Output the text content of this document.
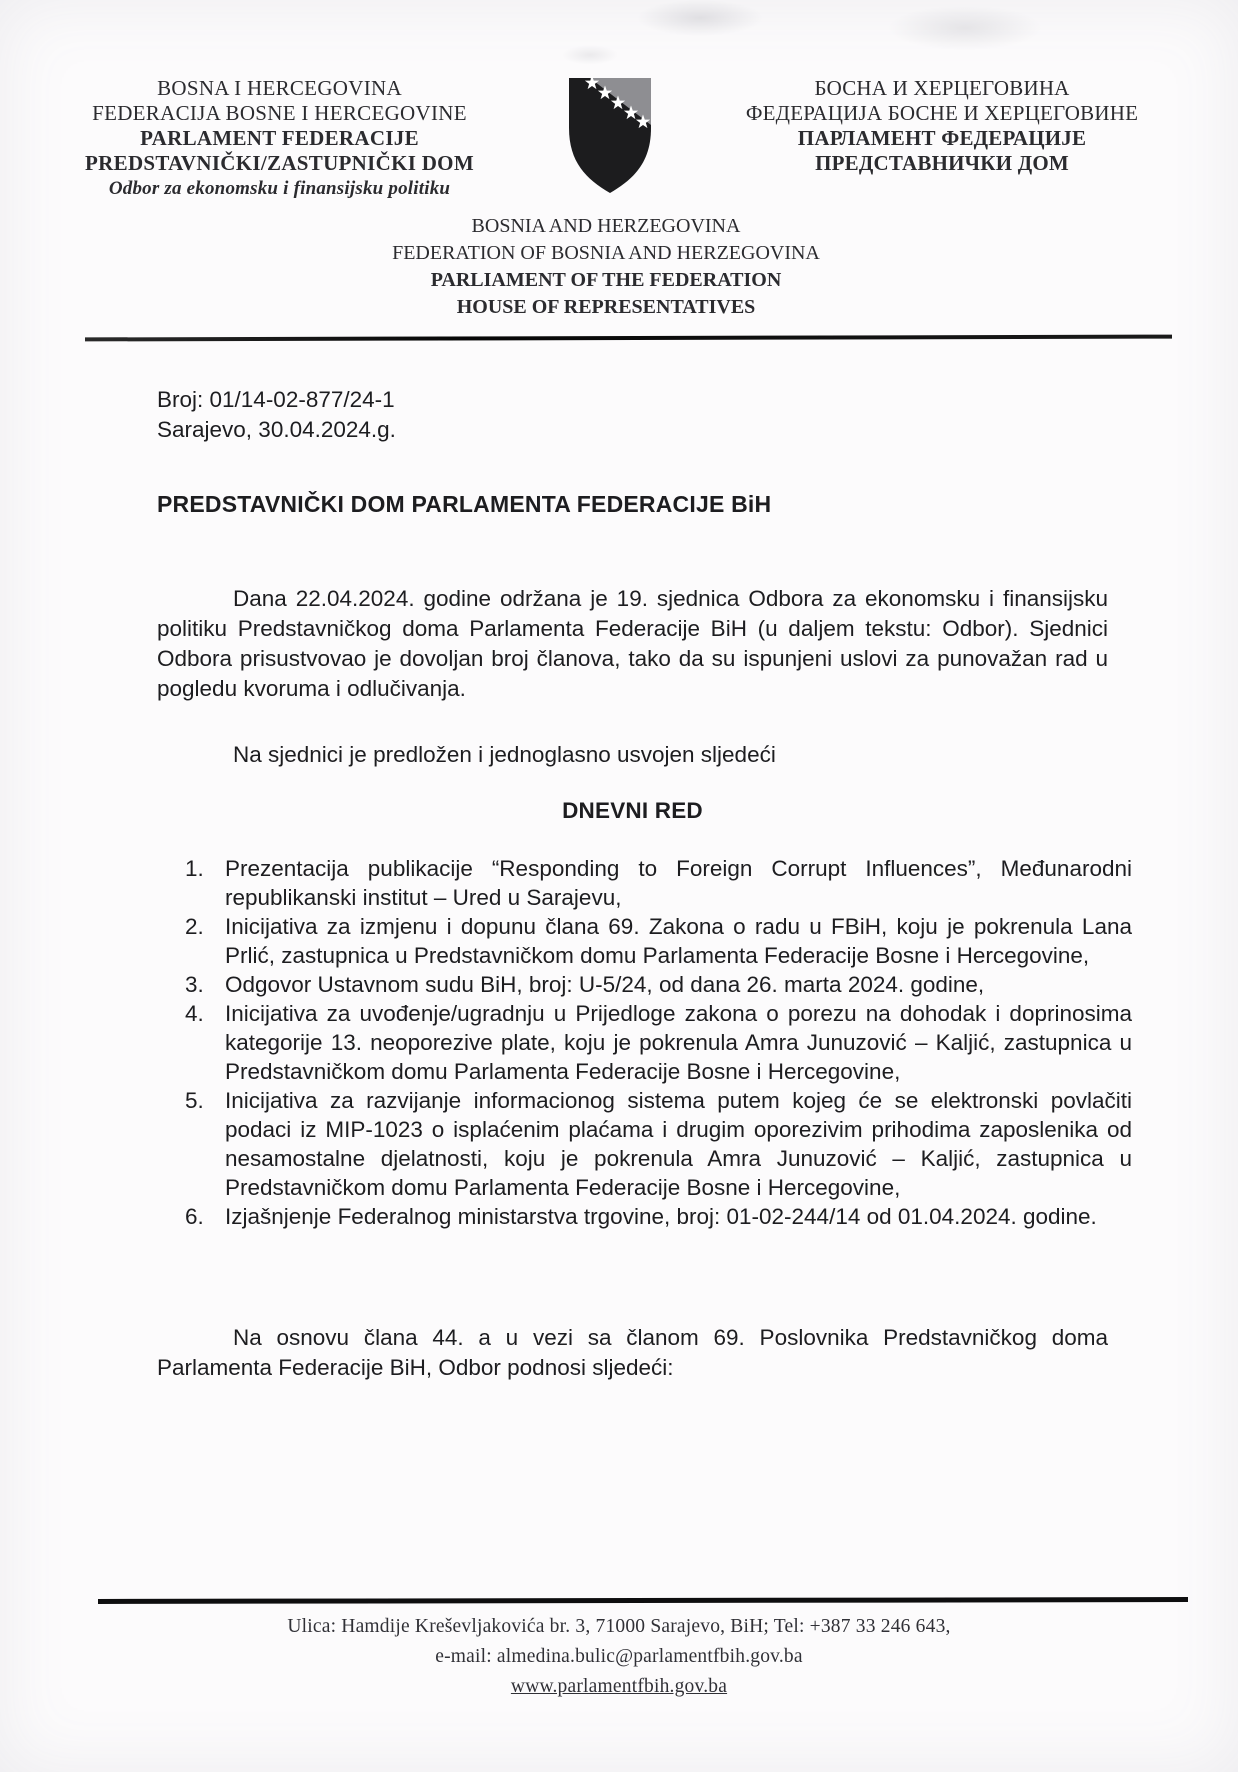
BOSNA I HERCEGOVINA
FEDERACIJA BOSNE I HERCEGOVINE
PARLAMENT FEDERACIJE
PREDSTAVNIČKI/ZASTUPNIČKI DOM
Odbor za ekonomsku i finansijsku politiku
БОСНА И ХЕРЦЕГОВИНА
ФЕДЕРАЦИЈА БОСНЕ И ХЕРЦЕГОВИНЕ
ПАРЛАМЕНТ ФЕДЕРАЦИЈЕ
ПРЕДСТАВНИЧКИ ДОМ
BOSNIA AND HERZEGOVINA
FEDERATION OF BOSNIA AND HERZEGOVINA
PARLIAMENT OF THE FEDERATION
HOUSE OF REPRESENTATIVES
Broj: 01/14-02-877/24-1
Sarajevo, 30.04.2024.g.
PREDSTAVNIČKI DOM PARLAMENTA FEDERACIJE BiH

Dana 22.04.2024. godine održana je 19. sjednica Odbora za ekonomsku i finansijsku politiku Predstavničkog doma Parlamenta Federacije BiH (u daljem tekstu: Odbor). Sjednici Odbora prisustvovao je dovoljan broj članova, tako da su ispunjeni uslovi za punovažan rad u pogledu kvoruma i odlučivanja.

Na sjednici je predložen i jednoglasno usvojen sljedeći

DNEVNI RED
Prezentacija publikacije “Responding to Foreign Corrupt Influences”, Međunarodni republikanski institut – Ured u Sarajevu,
Inicijativa za izmjenu i dopunu člana 69. Zakona o radu u FBiH, koju je pokrenula Lana Prlić, zastupnica u Predstavničkom domu Parlamenta Federacije Bosne i Hercegovine,
Odgovor Ustavnom sudu BiH, broj: U-5/24, od dana 26. marta 2024. godine,
Inicijativa za uvođenje/ugradnju u Prijedloge zakona o porezu na dohodak i doprinosima kategorije 13. neoporezive plate, koju je pokrenula Amra Junuzović – Kaljić, zastupnica u Predstavničkom domu Parlamenta Federacije Bosne i Hercegovine,
Inicijativa za razvijanje informacionog sistema putem kojeg će se elektronski povlačiti podaci iz MIP-1023 o isplaćenim plaćama i drugim oporezivim prihodima zaposlenika od nesamostalne djelatnosti, koju je pokrenula Amra Junuzović – Kaljić, zastupnica u Predstavničkom domu Parlamenta Federacije Bosne i Hercegovine,
Izjašnjenje Federalnog ministarstva trgovine, broj: 01-02-244/14 od 01.04.2024. godine.

Na osnovu člana 44. a u vezi sa članom 69. Poslovnika Predstavničkog doma Parlamenta Federacije BiH, Odbor podnosi sljedeći:

Ulica: Hamdije Kreševljakovića br. 3, 71000 Sarajevo, BiH; Tel: +387 33 246 643,
e-mail: almedina.bulic@parlamentfbih.gov.ba
www.parlamentfbih.gov.ba
